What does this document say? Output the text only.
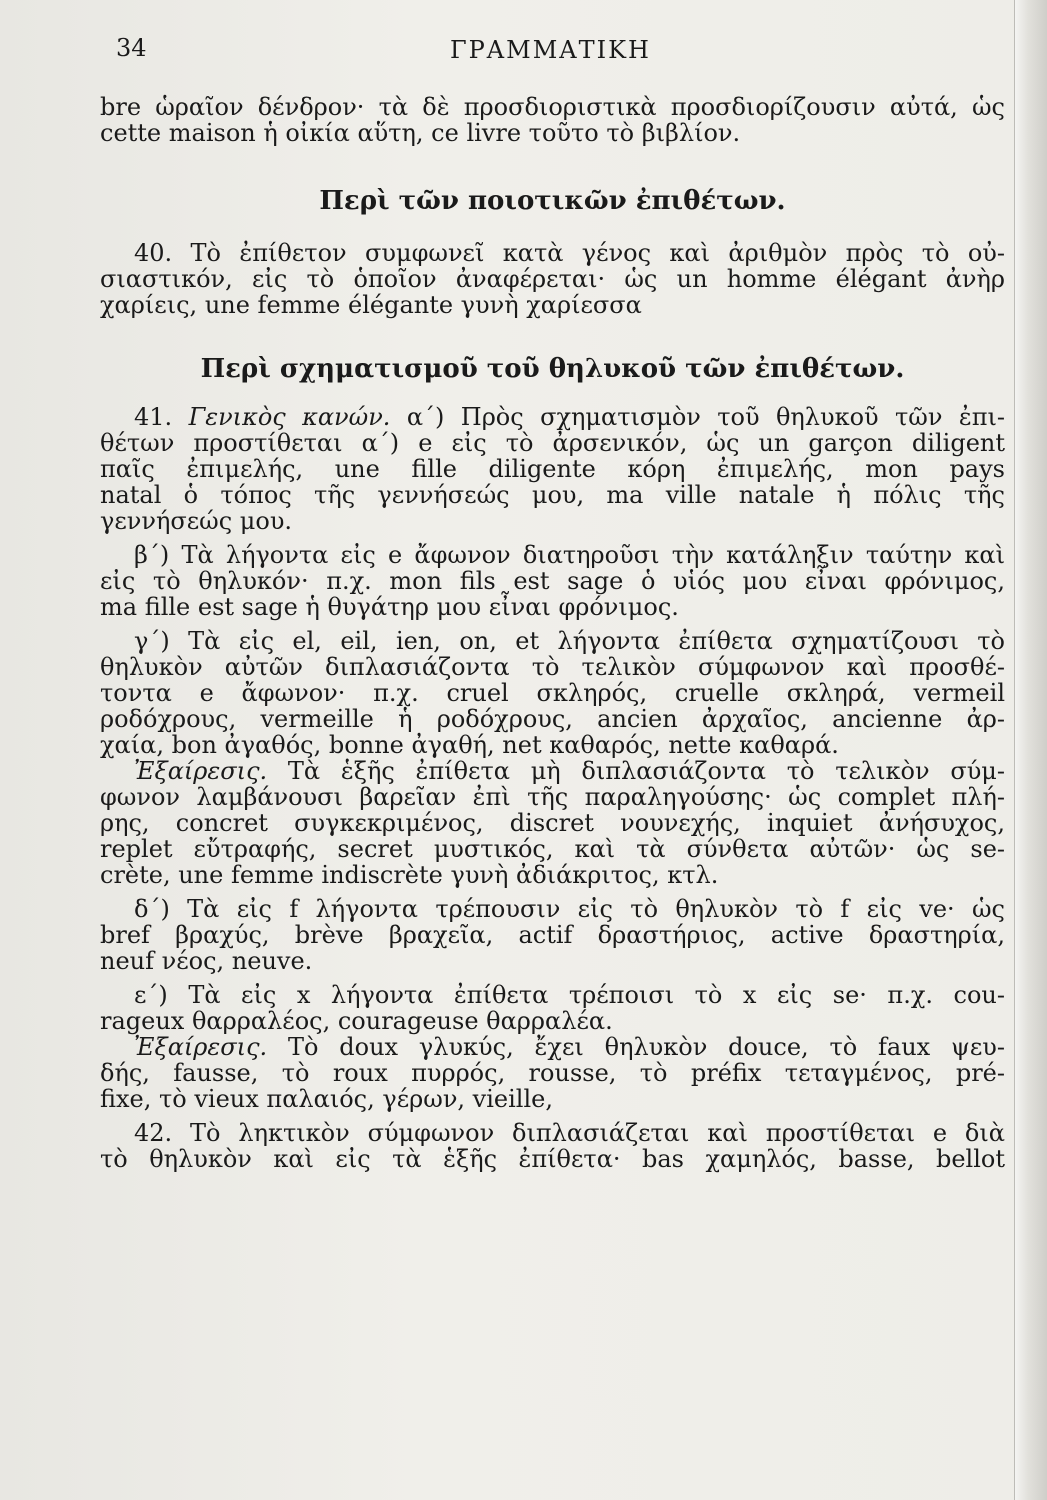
34	ΓΡΑΜΜΑΤΙΚΗ
bre ὡραῖον δένδρον· τὰ δὲ προσδιοριστικὰ προσδιορίζουσιν αὐτά, ὡς
cette maison ἡ οἰκία αὕτη, ce livre τοῦτο τὸ βιβλίον.
Περὶ τῶν ποιοτικῶν ἐπιθέτων.
40. Τὸ ἐπίθετον συμφωνεῖ κατὰ γένος καὶ ἀριθμὸν πρὸς τὸ οὐ-
σιαστικόν, εἰς τὸ ὁποῖον ἀναφέρεται· ὡς un homme élégant ἀνὴρ
χαρίεις, une femme élégante γυνὴ χαρίεσσα
Περὶ σχηματισμοῦ τοῦ θηλυκοῦ τῶν ἐπιθέτων.
41. Γενικὸς κανών. α΄) Πρὸς σχηματισμὸν τοῦ θηλυκοῦ τῶν ἐπι-
θέτων προστίθεται α΄) e εἰς τὸ ἀρσενικόν, ὡς un garçon diligent
παῖς ἐπιμελής, une fille diligente κόρη ἐπιμελής, mon pays
natal ὁ τόπος τῆς γεννήσεώς μου, ma ville natale ἡ πόλις τῆς
γεννήσεώς μου.
β΄) Τὰ λήγοντα εἰς e ἄφωνον διατηροῦσι τὴν κατάληξιν ταύτην καὶ
εἰς τὸ θηλυκόν· π.χ. mon fils est sage ὁ υἱός μου εἶναι φρόνιμος,
ma fille est sage ἡ θυγάτηρ μου εἶναι φρόνιμος.
γ΄) Τὰ εἰς el, eil, ien, on, et λήγοντα ἐπίθετα σχηματίζουσι τὸ
θηλυκὸν αὐτῶν διπλασιάζοντα τὸ τελικὸν σύμφωνον καὶ προσθέ-
τοντα e ἄφωνον· π.χ. cruel σκληρός, cruelle σκληρά, vermeil
ροδόχρους, vermeille ἡ ροδόχρους, ancien ἀρχαῖος, ancienne ἀρ-
χαία, bon ἀγαθός, bonne ἀγαθή, net καθαρός, nette καθαρά.
Ἐξαίρεσις. Τὰ ἑξῆς ἐπίθετα μὴ διπλασιάζοντα τὸ τελικὸν σύμ-
φωνον λαμβάνουσι βαρεῖαν ἐπὶ τῆς παραληγούσης· ὡς complet πλή-
ρης, concret συγκεκριμένος, discret νουνεχής, inquiet ἀνήσυχος,
replet εὔτραφής, secret μυστικός, καὶ τὰ σύνθετα αὐτῶν· ὡς se-
crète, une femme indiscrète γυνὴ ἀδιάκριτος, κτλ.
δ΄) Τὰ εἰς f λήγοντα τρέπουσιν εἰς τὸ θηλυκὸν τὸ f εἰς ve· ὡς
bref βραχύς, brève βραχεῖα, actif δραστήριος, active δραστηρία,
neuf νέος, neuve.
ε΄) Τὰ εἰς x λήγοντα ἐπίθετα τρέποισι τὸ x εἰς se· π.χ. cou-
rageux θαρραλέος, courageuse θαρραλέα.
Ἐξαίρεσις. Τὸ doux γλυκύς, ἔχει θηλυκὸν douce, τὸ faux ψευ-
δής, fausse, τὸ roux πυρρός, rousse, τὸ préfix τεταγμένος, pré-
fixe, τὸ vieux παλαιός, γέρων, vieille,
42. Τὸ ληκτικὸν σύμφωνον διπλασιάζεται καὶ προστίθεται e διὰ
τὸ θηλυκὸν καὶ εἰς τὰ ἑξῆς ἐπίθετα· bas χαμηλός, basse, bellot
